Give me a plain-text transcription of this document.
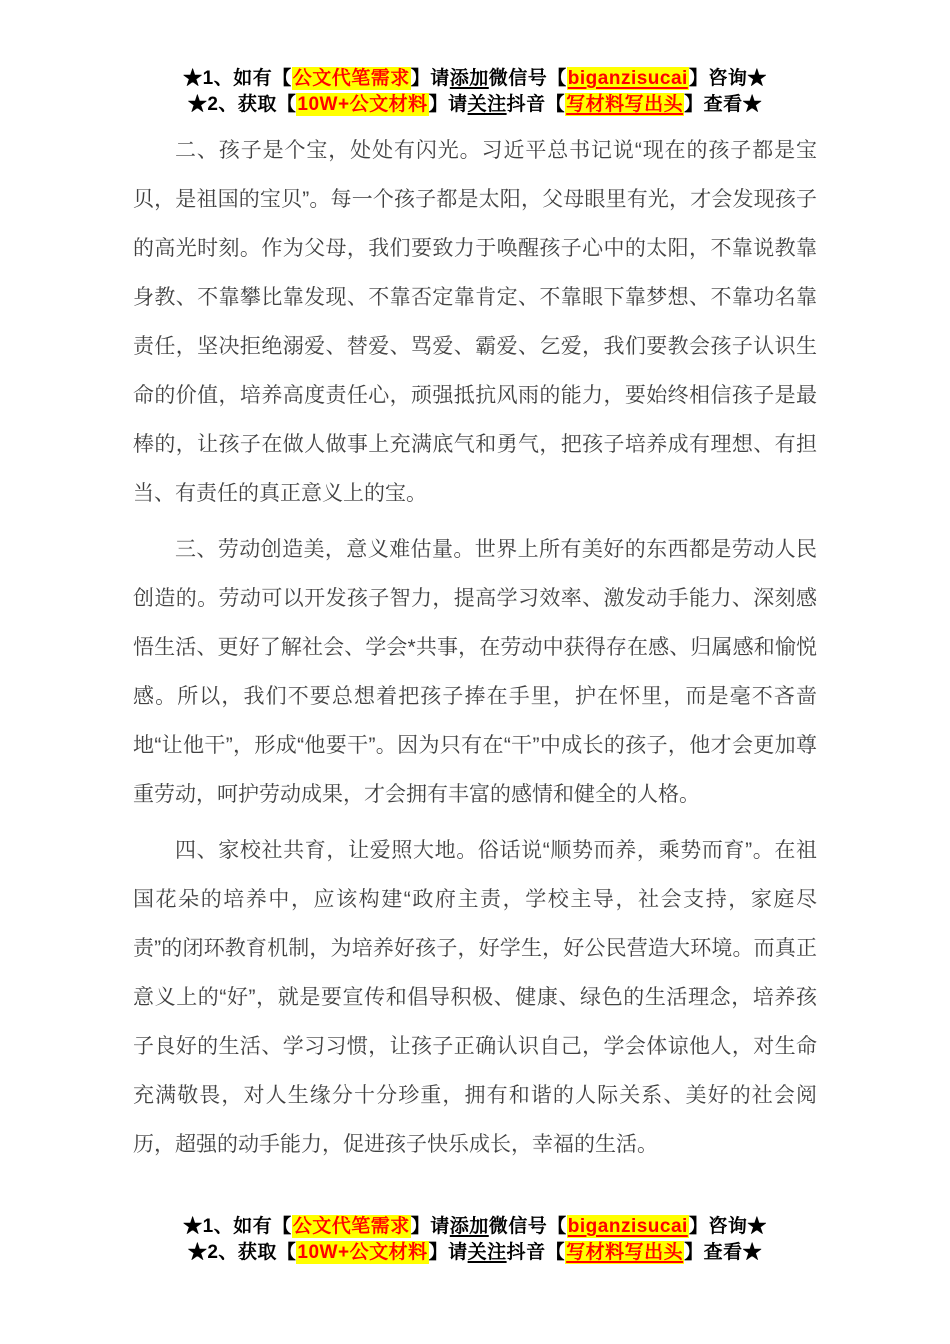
★1、如有【公文代笔需求】请添加微信号【biganzisucai】咨询★
★2、获取【10W+公文材料】请关注抖音【写材料写出头】查看★

二、孩子是个宝，处处有闪光。习近平总书记说“现在的孩子都是宝贝，是祖国的宝贝”。每一个孩子都是太阳，父母眼里有光，才会发现孩子的高光时刻。作为父母，我们要致力于唤醒孩子心中的太阳，不靠说教靠身教、不靠攀比靠发现、不靠否定靠肯定、不靠眼下靠梦想、不靠功名靠责任，坚决拒绝溺爱、替爱、骂爱、霸爱、乞爱，我们要教会孩子认识生命的价值，培养高度责任心，顽强抵抗风雨的能力，要始终相信孩子是最棒的，让孩子在做人做事上充满底气和勇气，把孩子培养成有理想、有担当、有责任的真正意义上的宝。

三、劳动创造美，意义难估量。世界上所有美好的东西都是劳动人民创造的。劳动可以开发孩子智力，提高学习效率、激发动手能力、深刻感悟生活、更好了解社会、学会*共事，在劳动中获得存在感、归属感和愉悦感。所以，我们不要总想着把孩子捧在手里，护在怀里，而是毫不吝啬地“让他干”，形成“他要干”。因为只有在“干”中成长的孩子，他才会更加尊重劳动，呵护劳动成果，才会拥有丰富的感情和健全的人格。

四、家校社共育，让爱照大地。俗话说“顺势而养，乘势而育”。在祖国花朵的培养中，应该构建“政府主责，学校主导，社会支持，家庭尽责”的闭环教育机制，为培养好孩子，好学生，好公民营造大环境。而真正意义上的“好”，就是要宣传和倡导积极、健康、绿色的生活理念，培养孩子良好的生活、学习习惯，让孩子正确认识自己，学会体谅他人，对生命充满敬畏，对人生缘分十分珍重，拥有和谐的人际关系、美好的社会阅历，超强的动手能力，促进孩子快乐成长，幸福的生活。

★1、如有【公文代笔需求】请添加微信号【biganzisucai】咨询★
★2、获取【10W+公文材料】请关注抖音【写材料写出头】查看★
